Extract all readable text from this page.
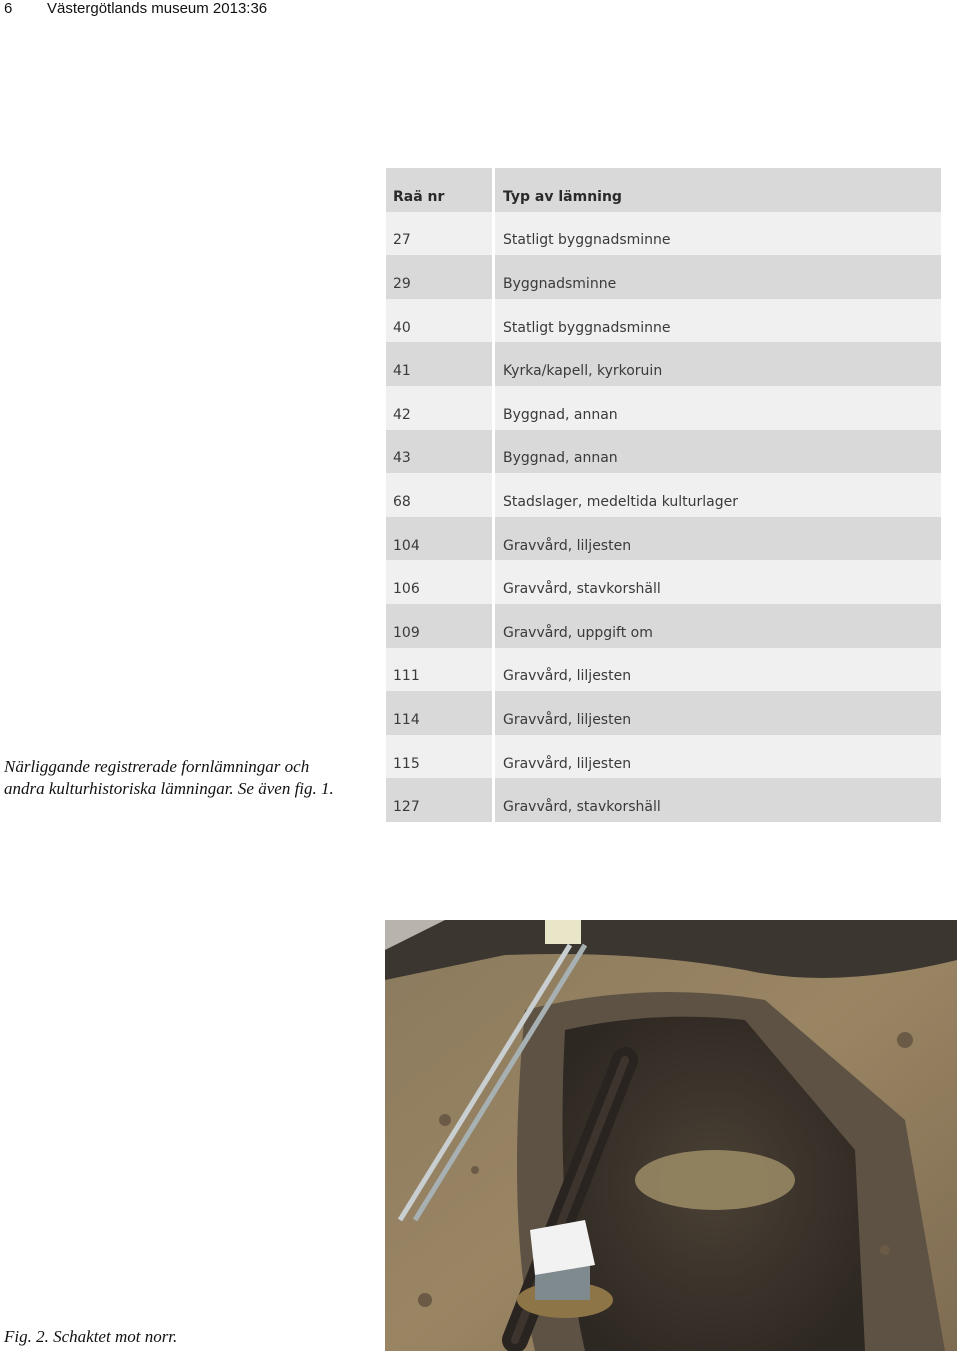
6 Västergötlands museum 2013:36
Raä nr	Typ av lämning
27	Statligt byggnadsminne
29	Byggnadsminne
40	Statligt byggnadsminne
41	Kyrka/kapell, kyrkoruin
42	Byggnad, annan
43	Byggnad, annan
68	Stadslager, medeltida kulturlager
104	Gravvård, liljesten
106	Gravvård, stavkorshäll
109	Gravvård, uppgift om
111	Gravvård, liljesten
114	Gravvård, liljesten
115	Gravvård, liljesten
127	Gravvård, stavkorshäll
Närliggande registrerade fornlämningar och andra kulturhistoriska lämningar. Se även fig. 1.
Fig. 2. Schaktet mot norr.
